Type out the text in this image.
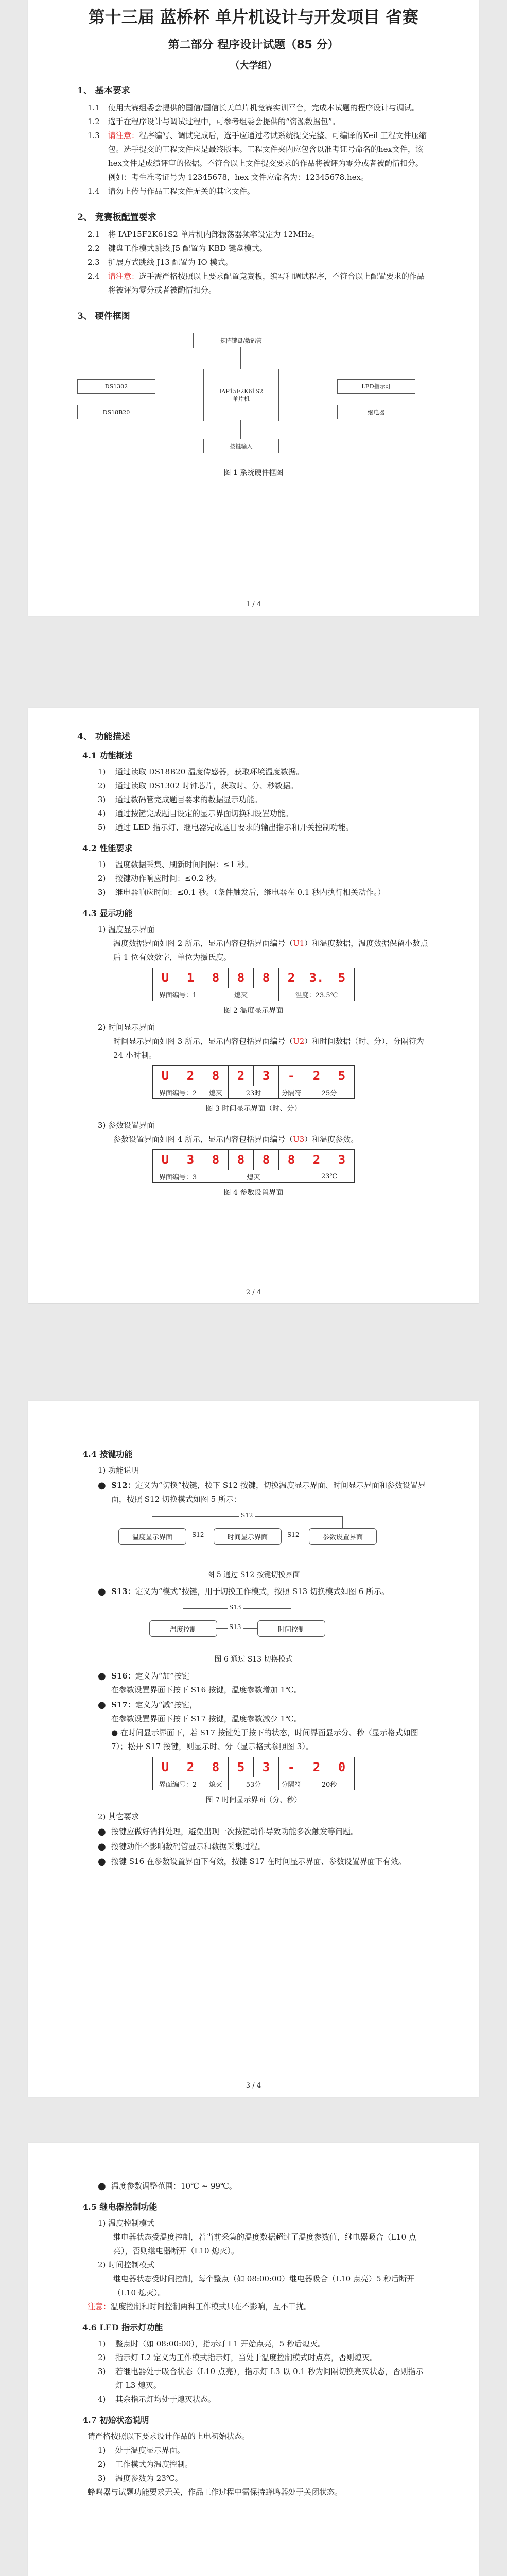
第十三届 蓝桥杯 单片机设计与开发项目 省赛
第二部分 程序设计试题（85 分）
（大学组）
1、 基本要求
1.1	使用大赛组委会提供的国信/国信长天单片机竞赛实训平台，完成本试题的程序设计与调试。
1.2	选手在程序设计与调试过程中，可参考组委会提供的“资源数据包”。
1.3	请注意：程序编写、调试完成后，选手应通过考试系统提交完整、可编译的Keil 工程文件压缩包。选手提交的工程文件应是最终版本。工程文件夹内应包含以准考证号命名的hex文件，该hex文件是成绩评审的依据。不符合以上文件提交要求的作品将被评为零分或者被酌情扣分。
例如：考生准考证号为 12345678，hex 文件应命名为：12345678.hex。
1.4	请勿上传与作品工程文件无关的其它文件。
2、 竞赛板配置要求
2.1	将 IAP15F2K61S2 单片机内部振荡器频率设定为 12MHz。
2.2	键盘工作模式跳线 J5 配置为 KBD 键盘模式。
2.3	扩展方式跳线 J13 配置为 IO 模式。
2.4	请注意：选手需严格按照以上要求配置竞赛板，编写和调试程序，不符合以上配置要求的作品将被评为零分或者被酌情扣分。
3、 硬件框图
矩阵键盘/数码管
IAP15F2K61S2
单片机
DS1302
DS18B20
LED指示灯
继电器
按键输入
图 1 系统硬件框图
1 / 4
4、 功能描述
4.1 功能概述
1)	通过读取 DS18B20 温度传感器，获取环境温度数据。
2)	通过读取 DS1302 时钟芯片，获取时、分、秒数据。
3)	通过数码管完成题目要求的数据显示功能。
4)	通过按键完成题目设定的显示界面切换和设置功能。
5)	通过 LED 指示灯、继电器完成题目要求的输出指示和开关控制功能。
4.2 性能要求
1)	温度数据采集、刷新时间间隔：≤1 秒。
2)	按键动作响应时间：≤0.2 秒。
3)	继电器响应时间：≤0.1 秒。（条件触发后，继电器在 0.1 秒内执行相关动作。）
4.3 显示功能
1) 温度显示界面
温度数据界面如图 2 所示，显示内容包括界面编号（U1）和温度数据，温度数据保留小数点后 1 位有效数字，单位为摄氏度。
U	1	8	8	8	2	3.	5
界面编号：1		熄灭			温度：23.5℃		
图 2 温度显示界面
2) 时间显示界面
时间显示界面如图 3 所示，显示内容包括界面编号（U2）和时间数据（时、分），分隔符为 24 小时制。
U	2	8	2	3	-	2	5
界面编号：2		熄灭	23时		分隔符	25分	
图 3 时间显示界面（时、分）
3) 参数设置界面
参数设置界面如图 4 所示，显示内容包括界面编号（U3）和温度参数。
U	3	8	8	8	8	2	3
界面编号：3		熄灭				23℃	
图 4 参数设置界面
2 / 4
4.4 按键功能
1) 功能说明
● S12：定义为“切换”按键，按下 S12 按键，切换温度显示界面、时间显示界面和参数设置界面，按照 S12 切换模式如图 5 所示：
温度显示界面	时间显示界面	参数设置界面
S12	S12
S12
图 5 通过 S12 按键切换界面
● S13：定义为“模式”按键，用于切换工作模式，按照 S13 切换模式如图 6 所示。
温度控制	时间控制
S13
S13
图 6 通过 S13 切换模式
● S16：定义为“加”按键
在参数设置界面下按下 S16 按键，温度参数增加 1℃。
● S17：定义为“减”按键，
在参数设置界面下按下 S17 按键，温度参数减少 1℃。
● 在时间显示界面下，若 S17 按键处于按下的状态，时间界面显示分、秒（显示格式如图 7）；松开 S17 按键，则显示时、分（显示格式参照图 3）。
U	2	8	5	3	-	2	0
界面编号：2		熄灭	53分		分隔符	20秒	
图 7 时间显示界面（分、秒）
2) 其它要求
● 按键应做好消抖处理，避免出现一次按键动作导致功能多次触发等问题。
● 按键动作不影响数码管显示和数据采集过程。
● 按键 S16 在参数设置界面下有效，按键 S17 在时间显示界面、参数设置界面下有效。
3 / 4
● 温度参数调整范围：10℃ ~ 99℃。
4.5 继电器控制功能
1) 温度控制模式
继电器状态受温度控制，若当前采集的温度数据超过了温度参数值，继电器吸合（L10 点亮），否则继电器断开（L10 熄灭）。
2) 时间控制模式
继电器状态受时间控制，每个整点（如 08:00:00）继电器吸合（L10 点亮）5 秒后断开（L10 熄灭）。

注意：温度控制和时间控制两种工作模式只在不影响，互不干扰。

4.6 LED 指示灯功能
1)	整点时（如 08:00:00），指示灯 L1 开始点亮，5 秒后熄灭。
2)	指示灯 L2 定义为工作模式指示灯，当处于温度控制模式时点亮，否则熄灭。
3)	若继电器处于吸合状态（L10 点亮），指示灯 L3 以 0.1 秒为间隔切换亮灭状态，否则指示灯 L3 熄灭。
4)	其余指示灯均处于熄灭状态。
4.7 初始状态说明

请严格按照以下要求设计作品的上电初始状态。

1)	处于温度显示界面。
2)	工作模式为温度控制。
3)	温度参数为 23℃。

蜂鸣器与试题功能要求无关，作品工作过程中需保持蜂鸣器处于关闭状态。
